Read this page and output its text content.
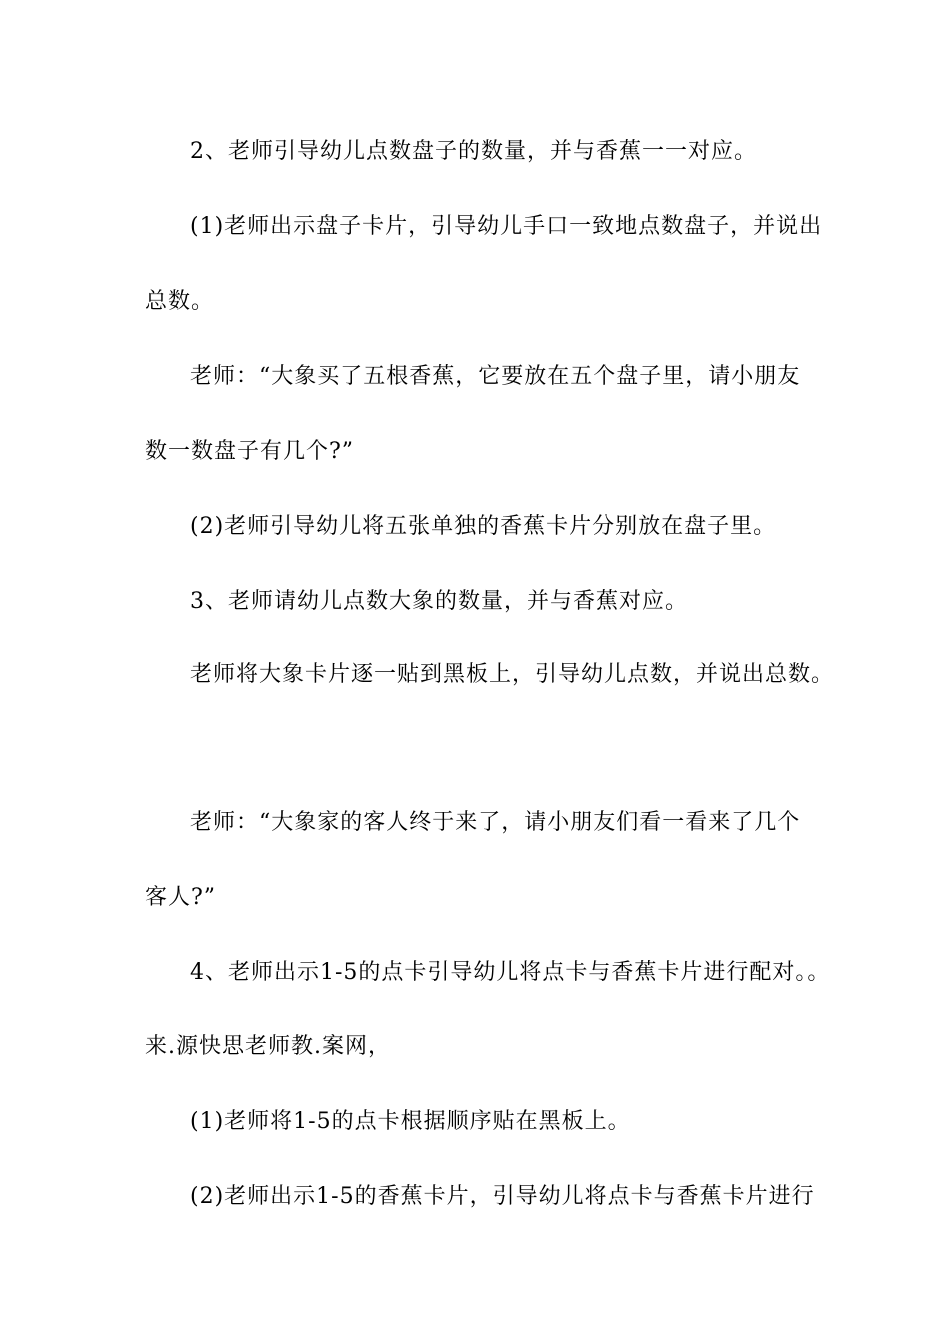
2、老师引导幼儿点数盘子的数量，并与香蕉一一对应。

(1)老师出示盘子卡片，引导幼儿手口一致地点数盘子，并说出

总数。

老师：“大象买了五根香蕉，它要放在五个盘子里，请小朋友

数一数盘子有几个?”

(2)老师引导幼儿将五张单独的香蕉卡片分别放在盘子里。

3、老师请幼儿点数大象的数量，并与香蕉对应。

老师将大象卡片逐一贴到黑板上，引导幼儿点数，并说出总数。

老师：“大象家的客人终于来了，请小朋友们看一看来了几个

客人?”

4、老师出示1-5的点卡引导幼儿将点卡与香蕉卡片进行配对。。

来.源快思老师教.案网，

(1)老师将1-5的点卡根据顺序贴在黑板上。

(2)老师出示1-5的香蕉卡片，引导幼儿将点卡与香蕉卡片进行
